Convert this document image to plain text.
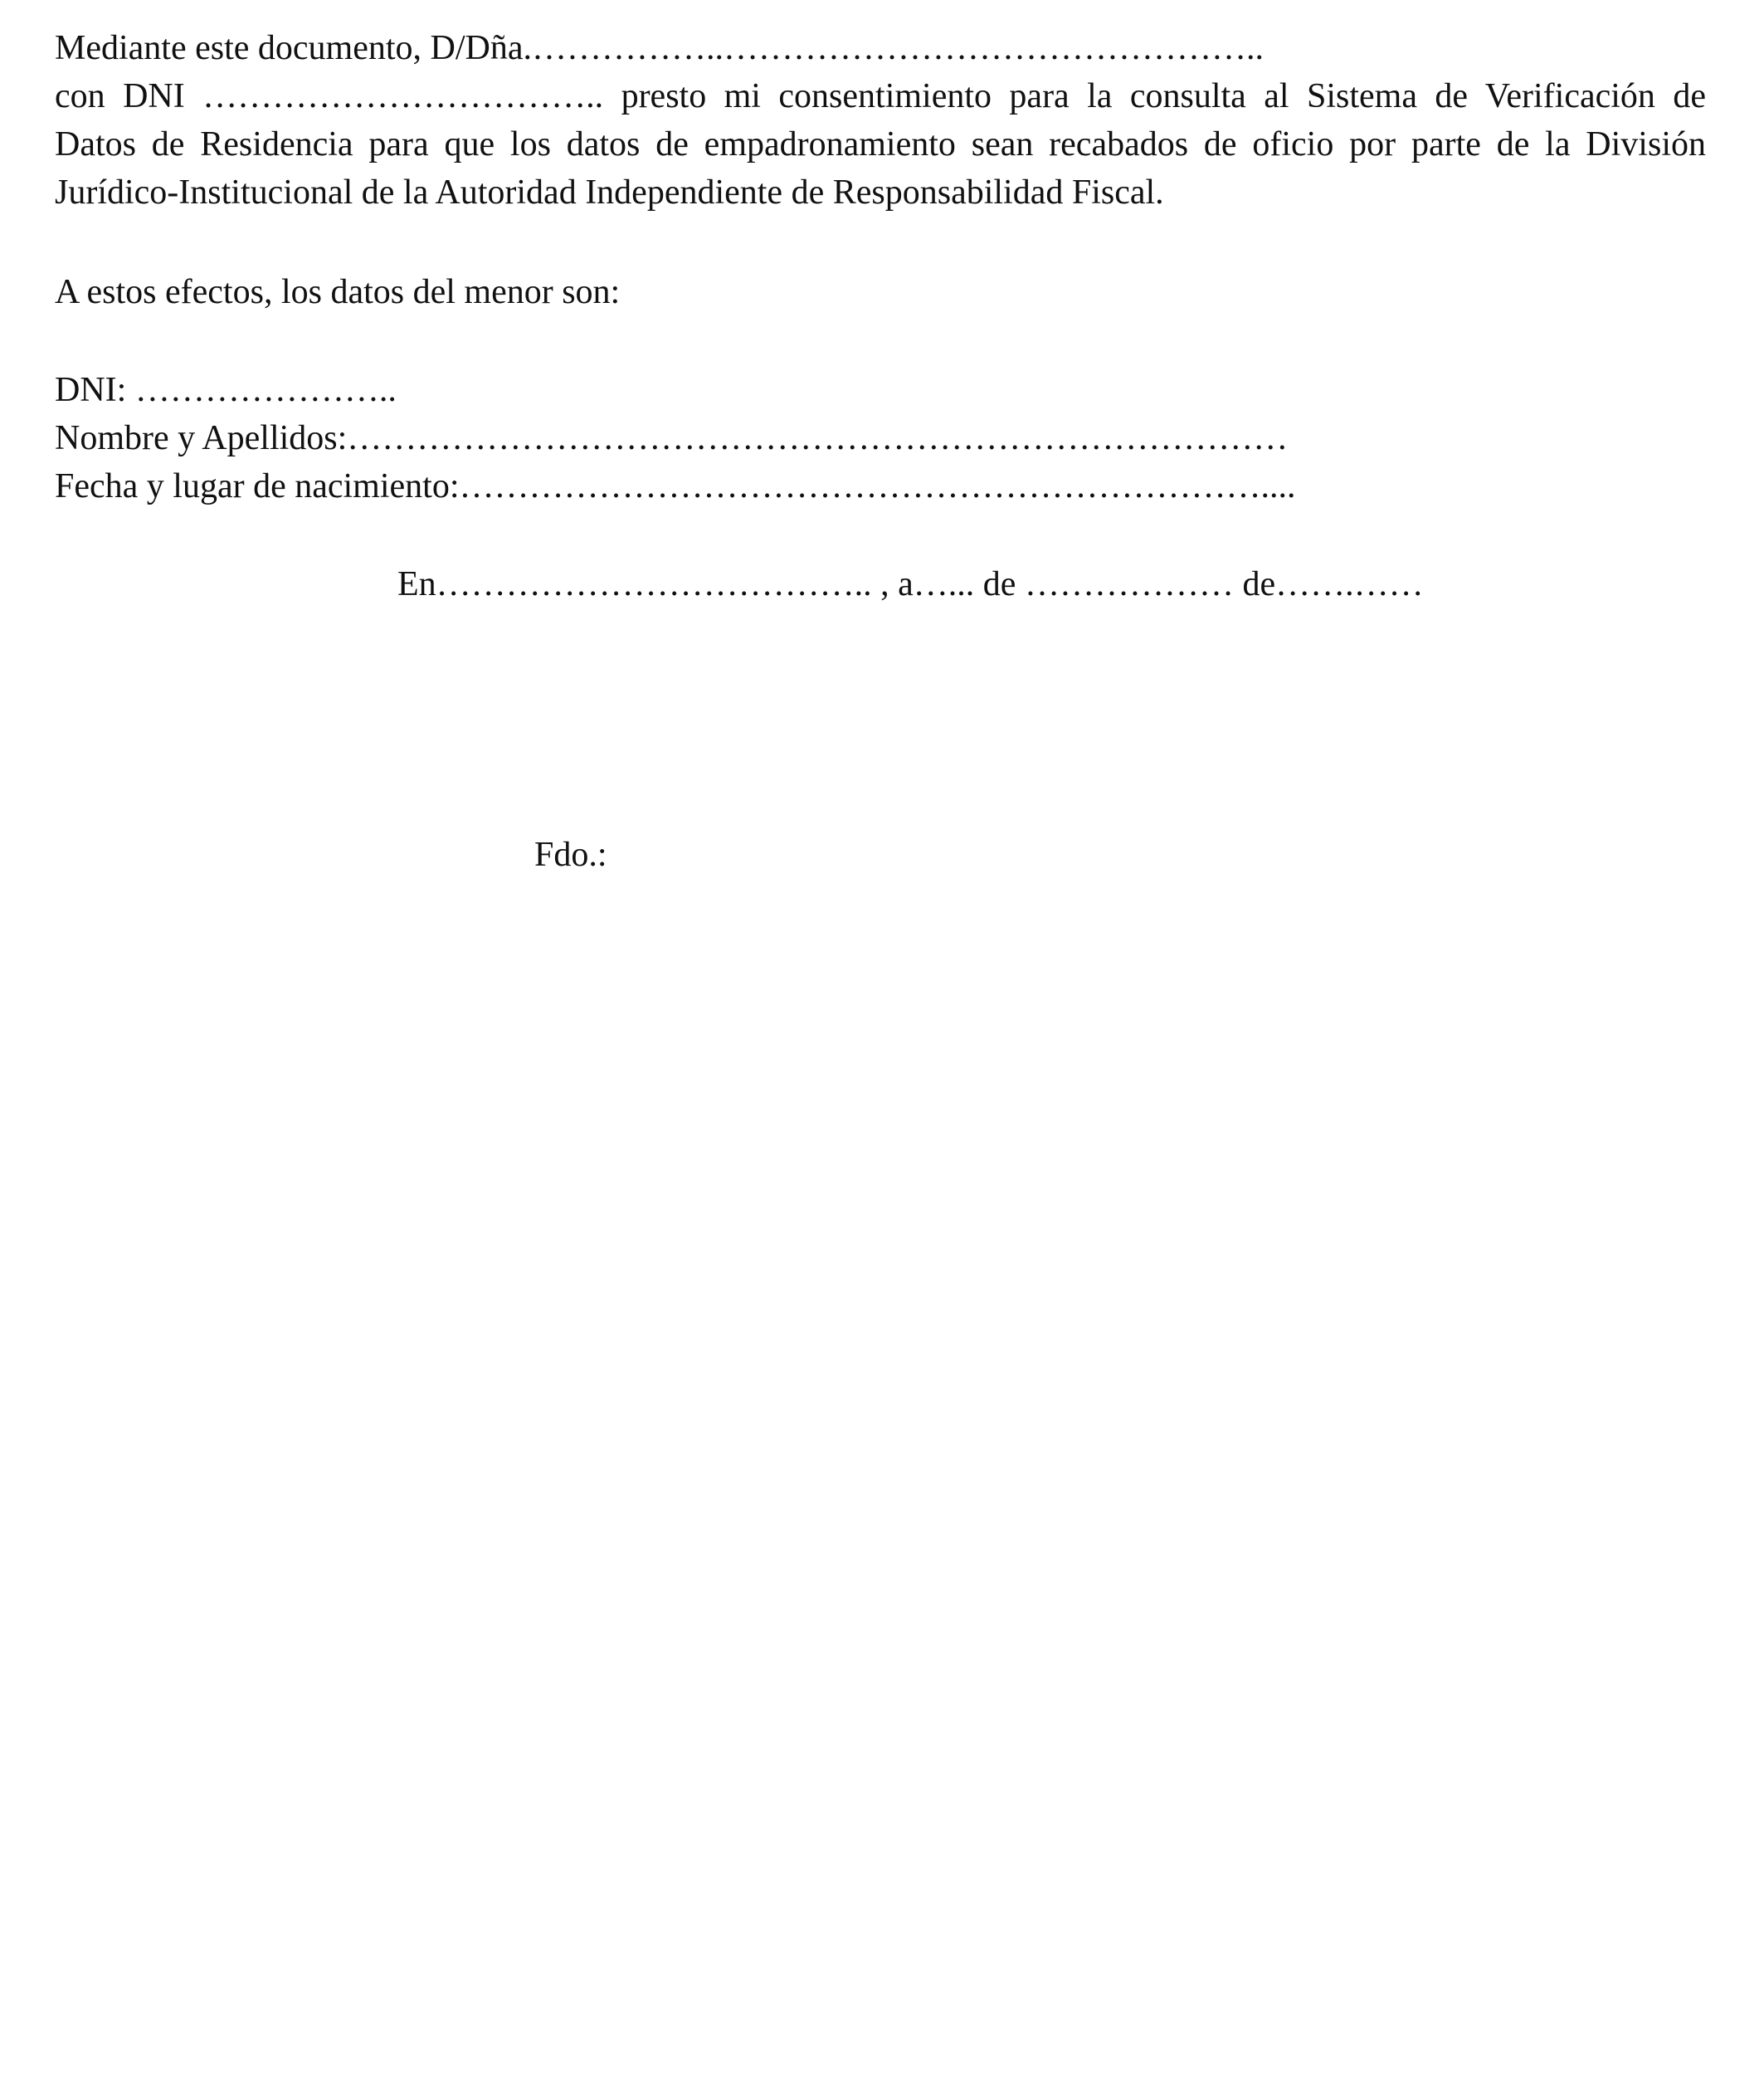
Mediante este documento, D/Dña.……………..………………………………………..
con DNI …………………………….. presto mi consentimiento para la consulta al Sistema de Verificación de
Datos de Residencia para que los datos de empadronamiento sean recabados de oficio por parte de la División
Jurídico-Institucional de la Autoridad Independiente de Responsabilidad Fiscal.

A estos efectos, los datos del menor son:

DNI: …………………..
Nombre y Apellidos:………………………………………………………………………
Fecha y lugar de nacimiento:……………………………………………………………....
En……………………………….. , a…... de ……………… de…….……
Fdo.:
